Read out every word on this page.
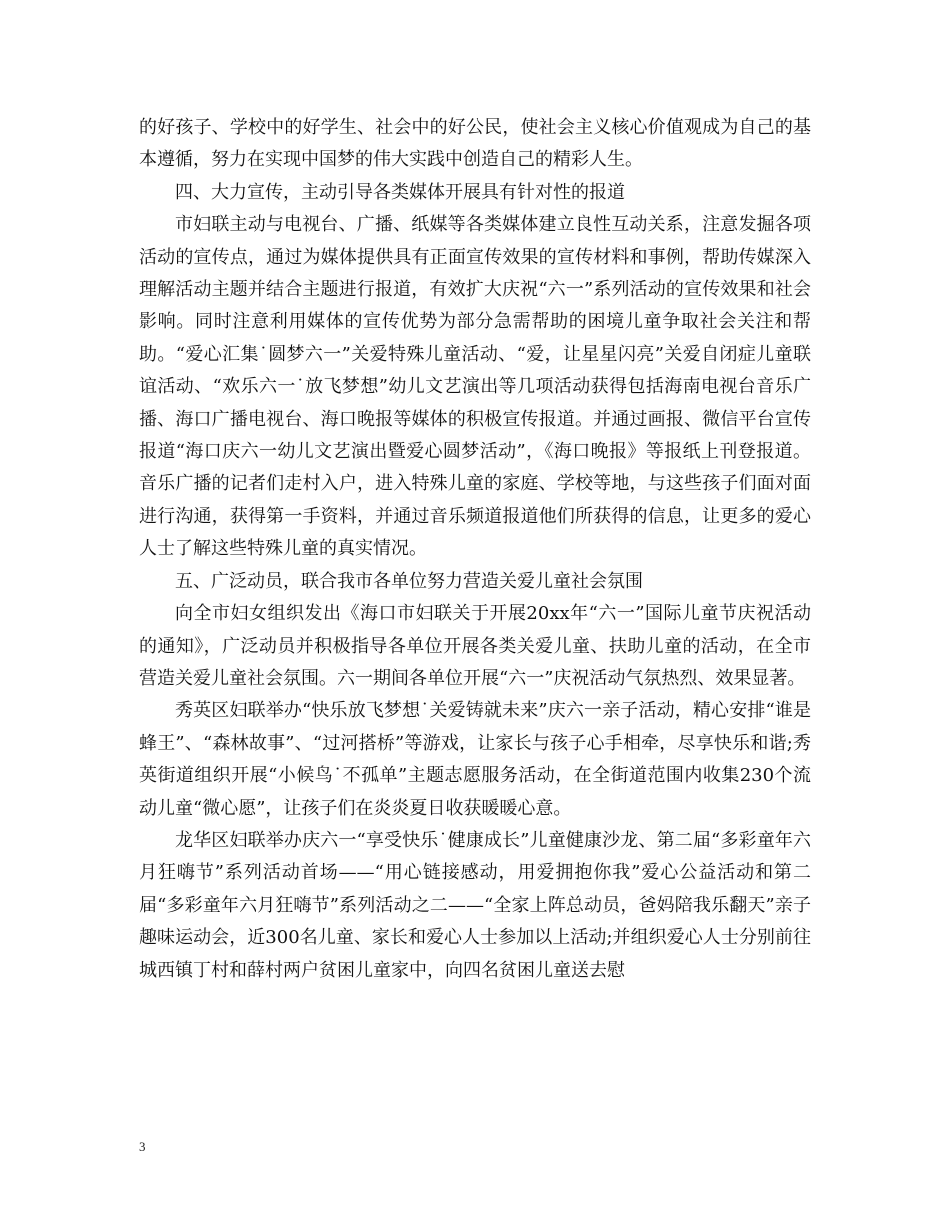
的好孩子、学校中的好学生、社会中的好公民，使社会主义核心价值观成为自己的基本遵循，努力在实现中国梦的伟大实践中创造自己的精彩人生。

四、大力宣传，主动引导各类媒体开展具有针对性的报道

市妇联主动与电视台、广播、纸媒等各类媒体建立良性互动关系，注意发掘各项活动的宣传点，通过为媒体提供具有正面宣传效果的宣传材料和事例，帮助传媒深入理解活动主题并结合主题进行报道，有效扩大庆祝“六一”系列活动的宣传效果和社会影响。同时注意利用媒体的宣传优势为部分急需帮助的困境儿童争取社会关注和帮助。“爱心汇集˙圆梦六一”关爱特殊儿童活动、“爱，让星星闪亮”关爱自闭症儿童联谊活动、“欢乐六一˙放飞梦想”幼儿文艺演出等几项活动获得包括海南电视台音乐广播、海口广播电视台、海口晚报等媒体的积极宣传报道。并通过画报、微信平台宣传报道“海口庆六一幼儿文艺演出暨爱心圆梦活动”，《海口晚报》等报纸上刊登报道。音乐广播的记者们走村入户，进入特殊儿童的家庭、学校等地，与这些孩子们面对面进行沟通，获得第一手资料，并通过音乐频道报道他们所获得的信息，让更多的爱心人士了解这些特殊儿童的真实情况。

五、广泛动员，联合我市各单位努力营造关爱儿童社会氛围

向全市妇女组织发出《海口市妇联关于开展20xx年“六一”国际儿童节庆祝活动的通知》，广泛动员并积极指导各单位开展各类关爱儿童、扶助儿童的活动，在全市营造关爱儿童社会氛围。六一期间各单位开展“六一”庆祝活动气氛热烈、效果显著。

秀英区妇联举办“快乐放飞梦想˙关爱铸就未来”庆六一亲子活动，精心安排“谁是蜂王”、“森林故事”、“过河搭桥”等游戏，让家长与孩子心手相牵，尽享快乐和谐;秀英街道组织开展“小候鸟˙不孤单”主题志愿服务活动，在全街道范围内收集230个流动儿童“微心愿”，让孩子们在炎炎夏日收获暖暖心意。

龙华区妇联举办庆六一“享受快乐˙健康成长”儿童健康沙龙、第二届“多彩童年六月狂嗨节”系列活动首场——“用心链接感动，用爱拥抱你我”爱心公益活动和第二届“多彩童年六月狂嗨节”系列活动之二——“全家上阵总动员，爸妈陪我乐翻天”亲子趣味运动会，近300名儿童、家长和爱心人士参加以上活动;并组织爱心人士分别前往城西镇丁村和薛村两户贫困儿童家中，向四名贫困儿童送去慰

3
